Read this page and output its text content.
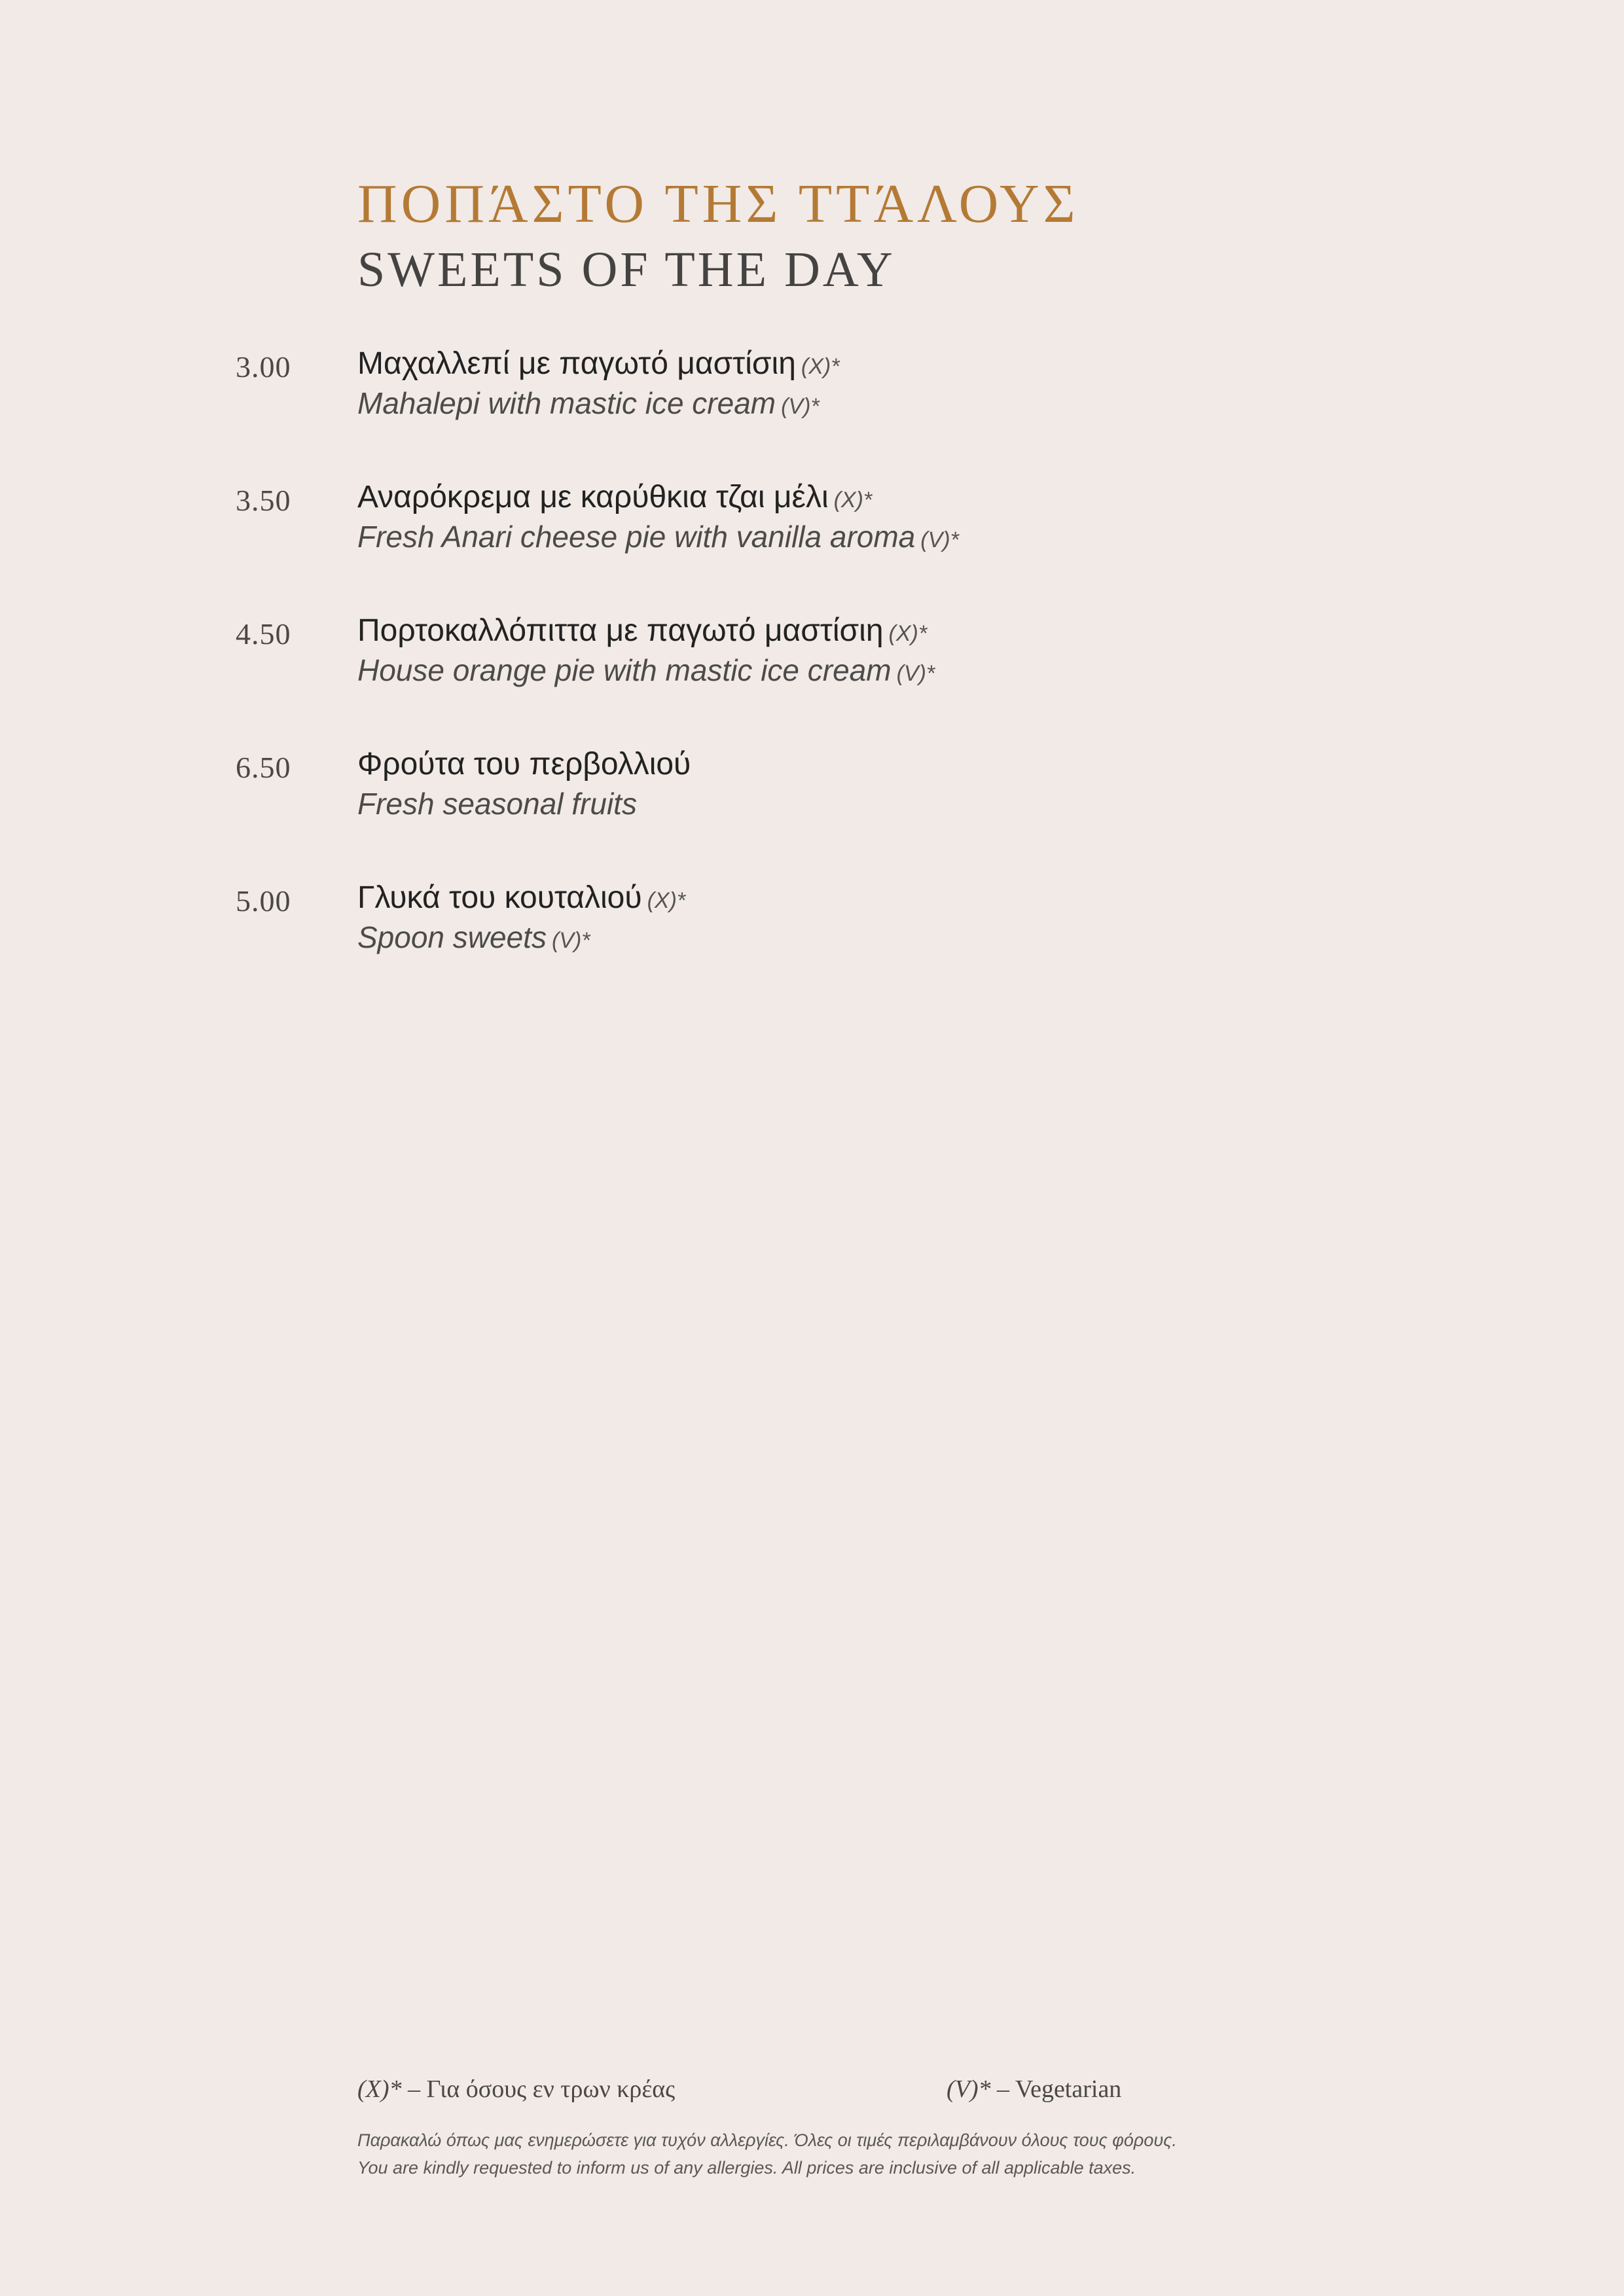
ΠΟΠΆΣΤΟ ΤΗΣ ΤΤΆΛΟΥΣ
SWEETS OF THE DAY
3.00 Μαχαλλεπί με παγωτό μαστίσιη (X)*
Mahalepi with mastic ice cream (V)*
3.50 Αναρόκρεμα με καρύθκια τζαι μέλι (X)*
Fresh Anari cheese pie with vanilla aroma (V)*
4.50 Πορτοκαλλόπιττα με παγωτό μαστίσιη (X)*
House orange pie with mastic ice cream (V)*
6.50 Φρούτα του περβολλιού
Fresh seasonal fruits
5.00 Γλυκά του κουταλιού (X)*
Spoon sweets (V)*
(X)* – Για όσους εν τρων κρέας	(V)* – Vegetarian
Παρακαλώ όπως μας ενημερώσετε για τυχόν αλλεργίες. Όλες οι τιμές περιλαμβάνουν όλους τους φόρους.
You are kindly requested to inform us of any allergies. All prices are inclusive of all applicable taxes.
